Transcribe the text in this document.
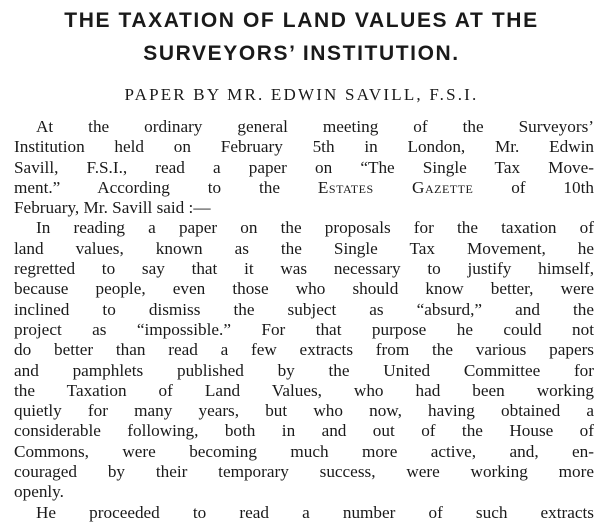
THE TAXATION OF LAND VALUES AT THE
SURVEYORS’ INSTITUTION.

PAPER BY MR. EDWIN SAVILL, F.S.I.

At the ordinary general meeting of the Surveyors’
Institution held on February 5th in London, Mr. Edwin
Savill, F.S.I., read a paper on “The Single Tax Move-
ment.” According to the Estates Gazette of 10th
February, Mr. Savill said :—
In reading a paper on the proposals for the taxation of
land values, known as the Single Tax Movement, he
regretted to say that it was necessary to justify himself,
because people, even those who should know better, were
inclined to dismiss the subject as “absurd,” and the
project as “impossible.” For that purpose he could not
do better than read a few extracts from the various papers
and pamphlets published by the United Committee for
the Taxation of Land Values, who had been working
quietly for many years, but who now, having obtained a
considerable following, both in and out of the House of
Commons, were becoming much more active, and, en-
couraged by their temporary success, were working more
openly.
He proceeded to read a number of such extracts
